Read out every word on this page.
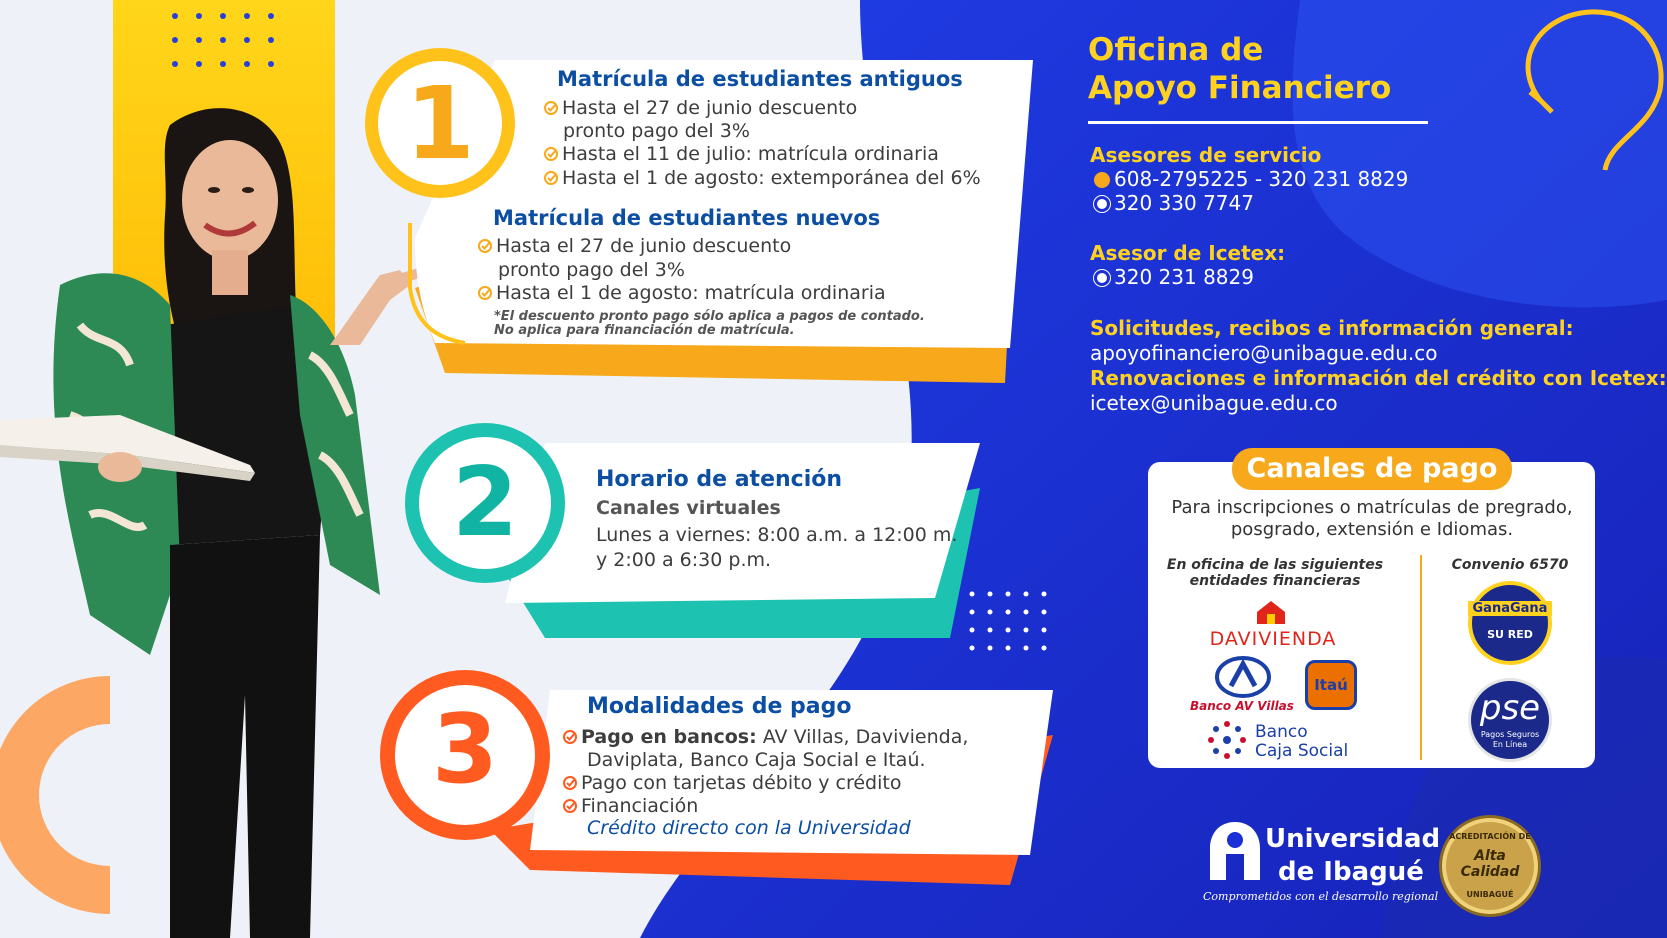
1	Matrícula de estudiantes antiguos
Hasta el 27 de junio descuento
pronto pago del 3%
Hasta el 11 de julio: matrícula ordinaria
Hasta el 1 de agosto: extemporánea del 6%
Matrícula de estudiantes nuevos
Hasta el 27 de junio descuento
pronto pago del 3%
Hasta el 1 de agosto: matrícula ordinaria
*El descuento pronto pago sólo aplica a pagos de contado.
No aplica para financiación de matrícula.
2	Horario de atención
Canales virtuales
Lunes a viernes: 8:00 a.m. a 12:00 m.
y 2:00 a 6:30 p.m.
3	Modalidades de pago
Pago en bancos: AV Villas, Davivienda,
Daviplata, Banco Caja Social e Itaú.
Pago con tarjetas débito y crédito
Financiación
Crédito directo con la Universidad
Oficina de
Apoyo Financiero
Asesores de servicio
608-2795225 - 320 231 8829
320 330 7747
Asesor de Icetex:
320 231 8829
Solicitudes, recibos e información general:
apoyofinanciero@unibague.edu.co
Renovaciones e información del crédito con Icetex:
icetex@unibague.edu.co
Canales de pago
Para inscripciones o matrículas de pregrado,
posgrado, extensión e Idiomas.
En oficina de las siguientes
entidades financieras
Convenio 6570
DAVIVIENDA
Banco AV Villas
Itaú
Banco
Caja Social
GanaGana
SU RED
pse
Pagos Seguros
En Línea
Universidad
de Ibagué
Comprometidos con el desarrollo regional
ACREDITACIÓN DE
Alta
Calidad
UNIBAGUÉ
